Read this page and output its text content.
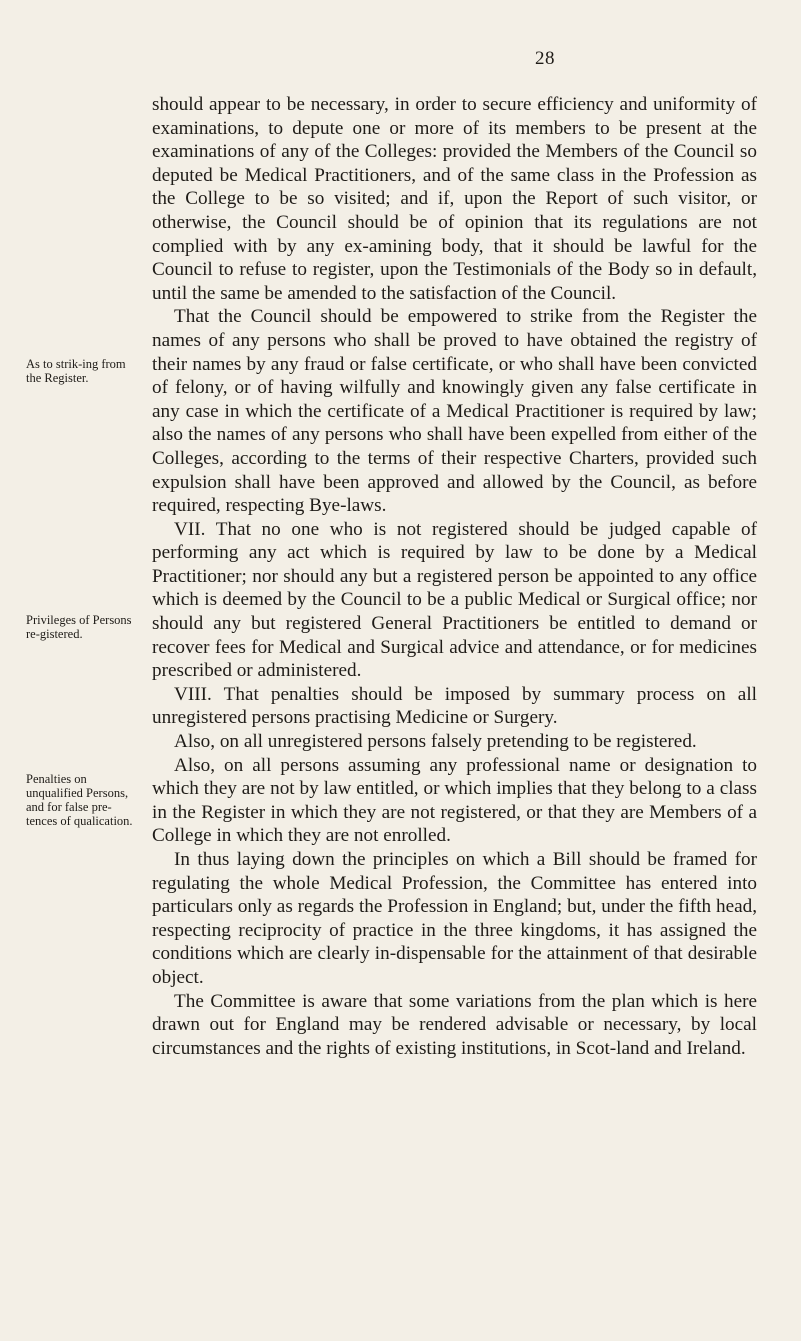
28
As to strik-ing from the Register.
Privileges of Persons re-gistered.
Penalties on unqualified Persons, and for false pre-tences of qualication.

should appear to be necessary, in order to secure efficiency and uniformity of examinations, to depute one or more of its members to be present at the examinations of any of the Colleges: provided the Members of the Council so deputed be Medical Practitioners, and of the same class in the Profession as the College to be so visited; and if, upon the Report of such visitor, or otherwise, the Council should be of opinion that its regulations are not complied with by any ex-amining body, that it should be lawful for the Council to refuse to register, upon the Testimonials of the Body so in default, until the same be amended to the satisfaction of the Council.

That the Council should be empowered to strike from the Register the names of any persons who shall be proved to have obtained the registry of their names by any fraud or false certificate, or who shall have been convicted of felony, or of having wilfully and knowingly given any false certificate in any case in which the certificate of a Medical Practitioner is required by law; also the names of any persons who shall have been expelled from either of the Colleges, according to the terms of their respective Charters, provided such expulsion shall have been approved and allowed by the Council, as before required, respecting Bye-laws.

VII. That no one who is not registered should be judged capable of performing any act which is required by law to be done by a Medical Practitioner; nor should any but a registered person be appointed to any office which is deemed by the Council to be a public Medical or Surgical office; nor should any but registered General Practitioners be entitled to demand or recover fees for Medical and Surgical advice and attendance, or for medicines prescribed or administered.

VIII. That penalties should be imposed by summary process on all unregistered persons practising Medicine or Surgery.

Also, on all unregistered persons falsely pretending to be registered.

Also, on all persons assuming any professional name or designation to which they are not by law entitled, or which implies that they belong to a class in the Register in which they are not registered, or that they are Members of a College in which they are not enrolled.

In thus laying down the principles on which a Bill should be framed for regulating the whole Medical Profession, the Committee has entered into particulars only as regards the Profession in England; but, under the fifth head, respecting reciprocity of practice in the three kingdoms, it has assigned the conditions which are clearly in-dispensable for the attainment of that desirable object.

The Committee is aware that some variations from the plan which is here drawn out for England may be rendered advisable or necessary, by local circumstances and the rights of existing institutions, in Scot-land and Ireland.
